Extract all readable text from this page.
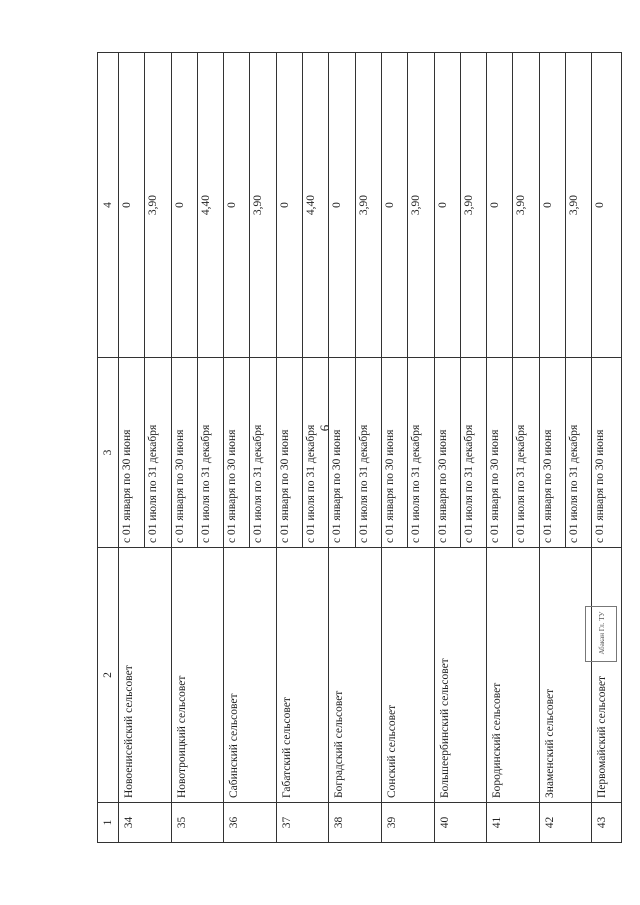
6
1	2	3	4
34	Новоенисейский сельсовет	с 01 января по 30 июня	0
		с 01 июля по 31 декабря	3,90
35	Новотроицкий сельсовет	с 01 января по 30 июня	0
		с 01 июля по 31 декабря	4,40
36	Сабинский сельсовет	с 01 января по 30 июня	0
		с 01 июля по 31 декабря	3,90
37	Габатский сельсовет	с 01 января по 30 июня	0
		с 01 июля по 31 декабря	4,40
38	Боградский сельсовет	с 01 января по 30 июня	0
		с 01 июля по 31 декабря	3,90
39	Сонский сельсовет	с 01 января по 30 июня	0
		с 01 июля по 31 декабря	3,90
40	Большеербинский сельсовет	с 01 января по 30 июня	0
		с 01 июля по 31 декабря	3,90
41	Бородинский сельсовет	с 01 января по 30 июня	0
		с 01 июля по 31 декабря	3,90
42	Знаменский сельсовет	с 01 января по 30 июня	0
		с 01 июля по 31 декабря	3,90
43	Первомайский сельсовет	с 01 января по 30 июня	0
Абакан Гл. ТУ
